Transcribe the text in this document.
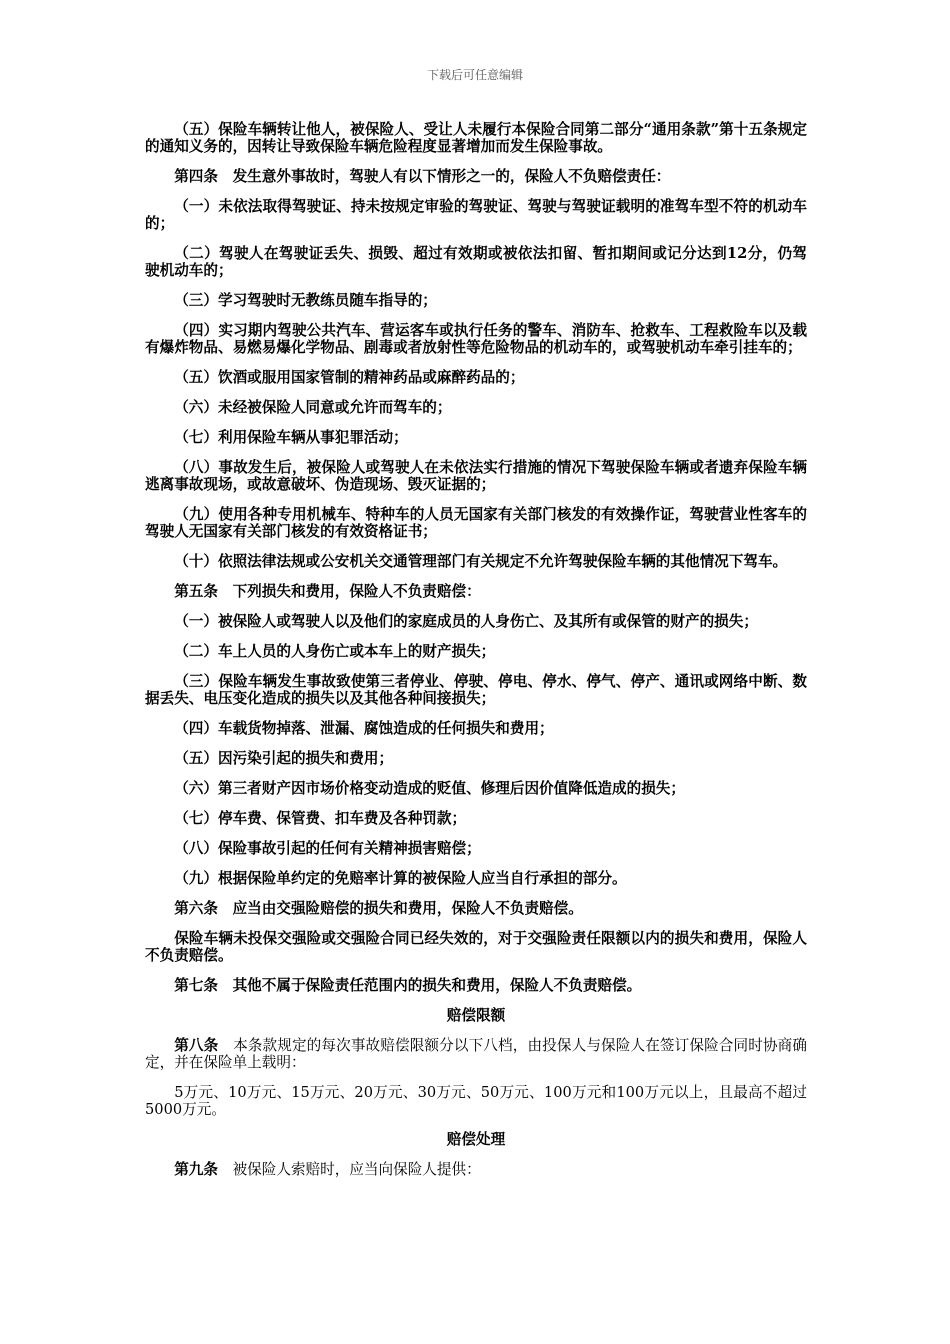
下载后可任意编辑

（五）保险车辆转让他人，被保险人、受让人未履行本保险合同第二部分“通用条款”第十五条规定的通知义务的，因转让导致保险车辆危险程度显著增加而发生保险事故。

第四条　发生意外事故时，驾驶人有以下情形之一的，保险人不负赔偿责任：

（一）未依法取得驾驶证、持未按规定审验的驾驶证、驾驶与驾驶证载明的准驾车型不符的机动车的；

（二）驾驶人在驾驶证丢失、损毁、超过有效期或被依法扣留、暂扣期间或记分达到12分，仍驾驶机动车的；

（三）学习驾驶时无教练员随车指导的；

（四）实习期内驾驶公共汽车、营运客车或执行任务的警车、消防车、抢救车、工程救险车以及载有爆炸物品、易燃易爆化学物品、剧毒或者放射性等危险物品的机动车的，或驾驶机动车牵引挂车的；

（五）饮酒或服用国家管制的精神药品或麻醉药品的；

（六）未经被保险人同意或允许而驾车的；

（七）利用保险车辆从事犯罪活动；

（八）事故发生后，被保险人或驾驶人在未依法实行措施的情况下驾驶保险车辆或者遗弃保险车辆逃离事故现场，或故意破坏、伪造现场、毁灭证据的；

（九）使用各种专用机械车、特种车的人员无国家有关部门核发的有效操作证，驾驶营业性客车的驾驶人无国家有关部门核发的有效资格证书；

（十）依照法律法规或公安机关交通管理部门有关规定不允许驾驶保险车辆的其他情况下驾车。

第五条　下列损失和费用，保险人不负责赔偿：

（一）被保险人或驾驶人以及他们的家庭成员的人身伤亡、及其所有或保管的财产的损失；

（二）车上人员的人身伤亡或本车上的财产损失；

（三）保险车辆发生事故致使第三者停业、停驶、停电、停水、停气、停产、通讯或网络中断、数据丢失、电压变化造成的损失以及其他各种间接损失；

（四）车载货物掉落、泄漏、腐蚀造成的任何损失和费用；

（五）因污染引起的损失和费用；

（六）第三者财产因市场价格变动造成的贬值、修理后因价值降低造成的损失；

（七）停车费、保管费、扣车费及各种罚款；

（八）保险事故引起的任何有关精神损害赔偿；

（九）根据保险单约定的免赔率计算的被保险人应当自行承担的部分。

第六条　应当由交强险赔偿的损失和费用，保险人不负责赔偿。

保险车辆未投保交强险或交强险合同已经失效的，对于交强险责任限额以内的损失和费用，保险人不负责赔偿。

第七条　其他不属于保险责任范围内的损失和费用，保险人不负责赔偿。

赔偿限额

第八条　本条款规定的每次事故赔偿限额分以下八档，由投保人与保险人在签订保险合同时协商确定，并在保险单上载明：

5万元、10万元、15万元、20万元、30万元、50万元、100万元和100万元以上，且最高不超过5000万元。

赔偿处理

第九条　被保险人索赔时，应当向保险人提供：
